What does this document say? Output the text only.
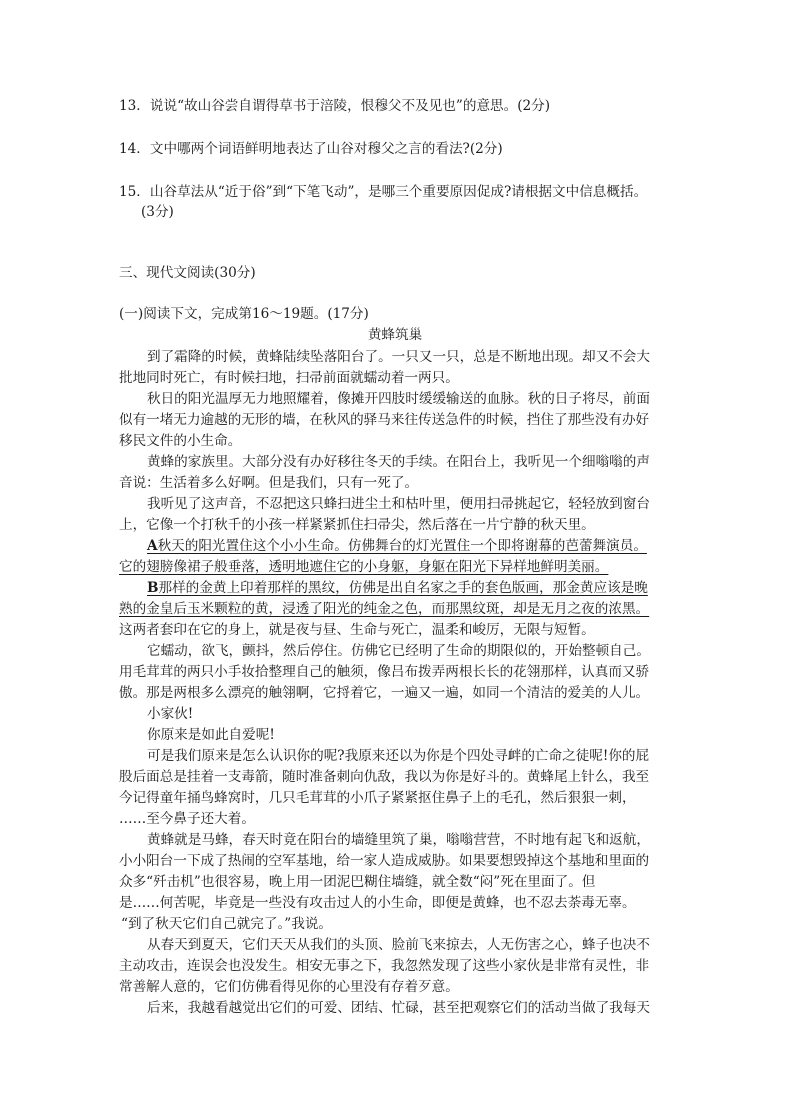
13．说说“故山谷尝自谓得草书于涪陵，恨穆父不及见也”的意思。(2分)
14．文中哪两个词语鲜明地表达了山谷对穆父之言的看法?(2分)
15．山谷草法从“近于俗”到“下笔飞动”，是哪三个重要原因促成?请根据文中信息概括。
(3分)
三、现代文阅读(30分)
(一)阅读下文，完成第16～19题。(17分)
黄蜂筑巢
到了霜降的时候，黄蜂陆续坠落阳台了。一只又一只，总是不断地出现。却又不会大
批地同时死亡，有时候扫地，扫帚前面就蠕动着一两只。
秋日的阳光温厚无力地照耀着，像摊开四肢时缓缓输送的血脉。秋的日子将尽，前面
似有一堵无力逾越的无形的墙，在秋风的驿马来往传送急件的时候，挡住了那些没有办好
移民文件的小生命。
黄蜂的家族里。大部分没有办好移往冬天的手续。在阳台上，我听见一个细嗡嗡的声
音说：生活着多么好啊。但是我们，只有一死了。
我听见了这声音，不忍把这只蜂扫进尘土和枯叶里，便用扫帚挑起它，轻轻放到窗台
上，它像一个打秋千的小孩一样紧紧抓住扫帚尖，然后落在一片宁静的秋天里。
A秋天的阳光置住这个小小生命。仿佛舞台的灯光置住一个即将谢幕的芭蕾舞演员。
它的翅膀像裙子般垂落，透明地遮住它的小身躯，身躯在阳光下异样地鲜明美丽。
B那样的金黄上印着那样的黑纹，仿佛是出自名家之手的套色版画，那金黄应该是晚
熟的金皇后玉米颗粒的黄，浸透了阳光的纯金之色，而那黑纹斑，却是无月之夜的浓黑。
这两者套印在它的身上，就是夜与昼、生命与死亡，温柔和峻厉，无限与短暂。
它蠕动，欲飞，颤抖，然后停住。仿佛它已经明了生命的期限似的，开始整顿自己。
用毛茸茸的两只小手妆拾整理自己的触须，像吕布拨弄两根长长的花翎那样，认真而又骄
傲。那是两根多么漂亮的触翎啊，它捋着它，一遍又一遍，如同一个清洁的爱美的人儿。
小家伙!
你原来是如此自爱呢!
可是我们原来是怎么认识你的呢?我原来还以为你是个四处寻衅的亡命之徒呢!你的屁
股后面总是挂着一支毒箭，随时准备刺向仇敌，我以为你是好斗的。黄蜂尾上针么，我至
今记得童年捅鸟蜂窝时，几只毛茸茸的小爪子紧紧抠住鼻子上的毛孔，然后狠狠一刺，
……至今鼻子还大着。
黄蜂就是马蜂，春天时竟在阳台的墙缝里筑了巢，嗡嗡营营，不时地有起飞和返航，
小小阳台一下成了热闹的空军基地，给一家人造成威胁。如果要想毁掉这个基地和里面的
众多“歼击机”也很容易，晚上用一团泥巴糊住墙缝，就全数“闷”死在里面了。但
是……何苦呢，毕竟是一些没有攻击过人的小生命，即便是黄蜂，也不忍去荼毒无辜。
“到了秋天它们自己就完了。”我说。
从春天到夏天，它们天天从我们的头顶、脸前飞来掠去，人无伤害之心，蜂子也决不
主动攻击，连误会也没发生。相安无事之下，我忽然发现了这些小家伙是非常有灵性，非
常善解人意的，它们仿佛看得见你的心里没有存着歹意。
后来，我越看越觉出它们的可爱、团结、忙碌，甚至把观察它们的活动当做了我每天
